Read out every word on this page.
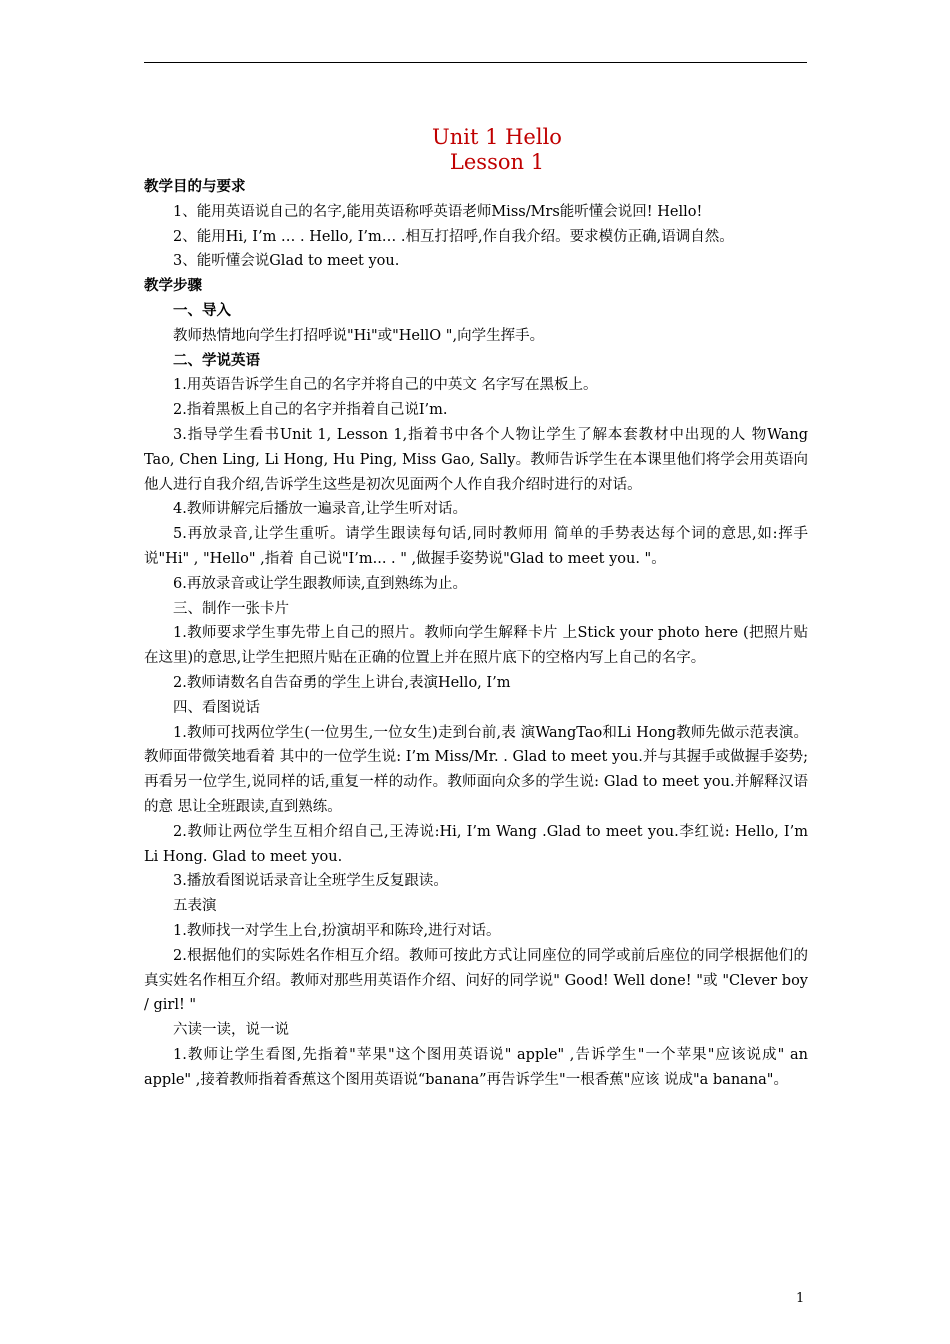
Unit 1 Hello
Lesson 1

教学目的与要求

1、能用英语说自己的名字,能用英语称呼英语老师Miss/Mrs能听懂会说回! Hello!

2、能用Hi, I’m … . Hello, I’m… .相互打招呼,作自我介绍。要求模仿正确,语调自然。

3、能听懂会说Glad to meet you.

教学步骤

一、导入

教师热情地向学生打招呼说"Hi"或"HellO ",向学生挥手。

二、学说英语

1.用英语告诉学生自己的名字并将自己的中英文 名字写在黑板上。

2.指着黑板上自己的名字并指着自己说I’m.

3.指导学生看书Unit 1, Lesson 1,指着书中各个人物让学生了解本套教材中出现的人 物Wang Tao, Chen Ling, Li Hong, Hu Ping, Miss Gao, Sally。教师告诉学生在本课里他们将学会用英语向他人进行自我介绍,告诉学生这些是初次见面两个人作自我介绍时进行的对话。

4.教师讲解完后播放一遍录音,让学生听对话。

5.再放录音,让学生重听。请学生跟读每句话,同时教师用 简单的手势表达每个词的意思,如:挥手说"Hi" , "Hello" ,指着 自己说"I’m... . " ,做握手姿势说"Glad to meet you. "。

6.再放录音或让学生跟教师读,直到熟练为止。

三、制作一张卡片

1.教师要求学生事先带上自己的照片。教师向学生解释卡片 上Stick your photo here (把照片贴在这里)的意思,让学生把照片贴在正确的位置上并在照片底下的空格内写上自己的名字。

2.教师请数名自告奋勇的学生上讲台,表演Hello, I’m

四、看图说话

1.教师可找两位学生(一位男生,一位女生)走到台前,表 演WangTao和Li Hong教师先做示范表演。教师面带微笑地看着 其中的一位学生说: I’m Miss/Mr. . Glad to meet you.并与其握手或做握手姿势;再看另一位学生,说同样的话,重复一样的动作。教师面向众多的学生说: Glad to meet you.并解释汉语的意 思让全班跟读,直到熟练。

2.教师让两位学生互相介绍自己,王涛说:Hi, I’m Wang .Glad to meet you.李红说: Hello, I’m Li Hong. Glad to meet you.

3.播放看图说话录音让全班学生反复跟读。

五表演

1.教师找一对学生上台,扮演胡平和陈玲,进行对话。

2.根据他们的实际姓名作相互介绍。教师可按此方式让同座位的同学或前后座位的同学根据他们的真实姓名作相互介绍。教师对那些用英语作介绍、问好的同学说" Good! Well done! "或 "Clever boy / girl! "

六读一读，说一说

1.教师让学生看图,先指着"苹果"这个图用英语说" apple" ,告诉学生"一个苹果"应该说成" an apple" ,接着教师指着香蕉这个图用英语说“banana”再告诉学生"一根香蕉"应该 说成"a banana"。

1
